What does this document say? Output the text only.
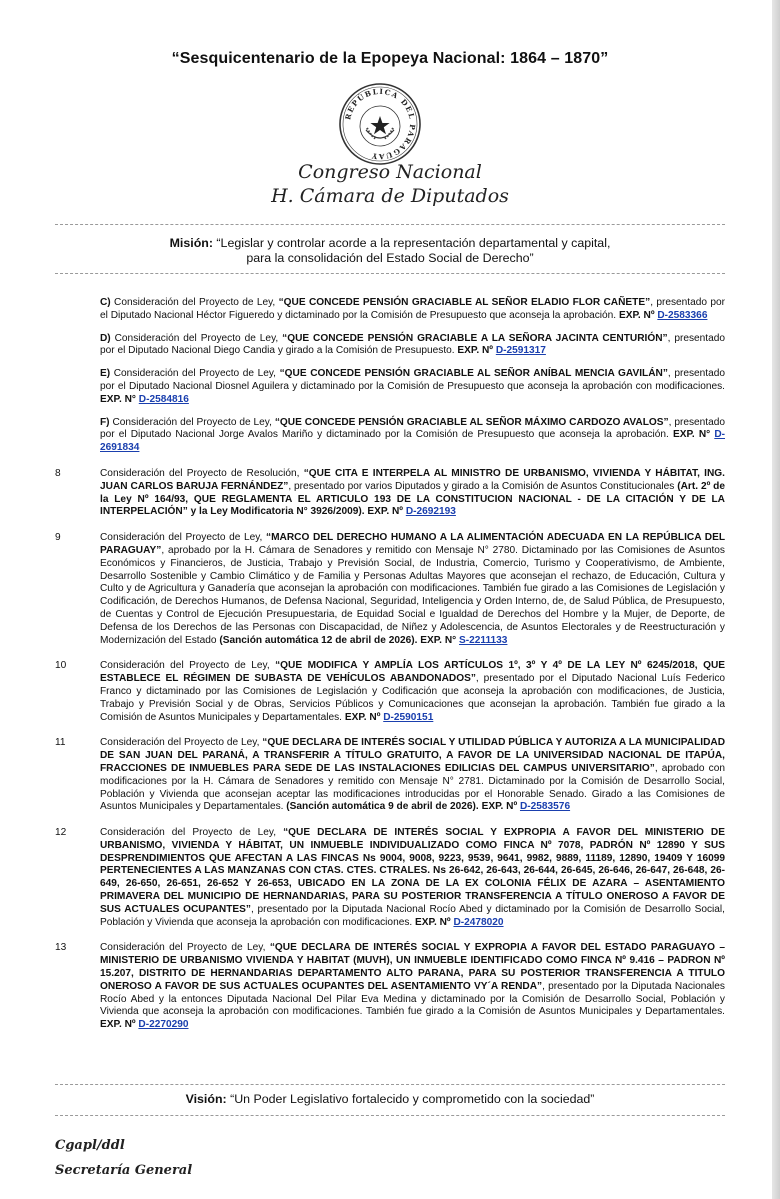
“Sesquicentenario de la Epopeya Nacional: 1864 – 1870”
REPÚBLICA DEL PARAGUAY
Congreso Nacional
H. Cámara de Diputados
Misión: “Legislar y controlar acorde a la representación departamental y capital,
para la consolidación del Estado Social de Derecho”
C) Consideración del Proyecto de Ley, “QUE CONCEDE PENSIÓN GRACIABLE AL SEÑOR ELADIO FLOR CAÑETE”, presentado por el Diputado Nacional Héctor Figueredo y dictaminado por la Comisión de Presupuesto que aconseja la aprobación. EXP. Nº D-2583366
D) Consideración del Proyecto de Ley, “QUE CONCEDE PENSIÓN GRACIABLE A LA SEÑORA JACINTA CENTURIÓN”, presentado por el Diputado Nacional Diego Candia y girado a la Comisión de Presupuesto. EXP. Nº D-2591317
E) Consideración del Proyecto de Ley, “QUE CONCEDE PENSIÓN GRACIABLE AL SEÑOR ANÍBAL MENCIA GAVILÁN”, presentado por el Diputado Nacional Diosnel Aguilera y dictaminado por la Comisión de Presupuesto que aconseja la aprobación con modificaciones. EXP. N° D-2584816
F) Consideración del Proyecto de Ley, “QUE CONCEDE PENSIÓN GRACIABLE AL SEÑOR MÁXIMO CARDOZO AVALOS”, presentado por el Diputado Nacional Jorge Avalos Mariño y dictaminado por la Comisión de Presupuesto que aconseja la aprobación. EXP. N° D-2691834
8	Consideración del Proyecto de Resolución, “QUE CITA E INTERPELA AL MINISTRO DE URBANISMO, VIVIENDA Y HÁBITAT, ING. JUAN CARLOS BARUJA FERNÁNDEZ”, presentado por varios Diputados y girado a la Comisión de Asuntos Constitucionales (Art. 2º de la Ley Nº 164/93, QUE REGLAMENTA EL ARTICULO 193 DE LA CONSTITUCION NACIONAL - DE LA CITACIÓN Y DE LA INTERPELACIÓN” y la Ley Modificatoria N° 3926/2009). EXP. Nº D-2692193
9	Consideración del Proyecto de Ley, “MARCO DEL DERECHO HUMANO A LA ALIMENTACIÓN ADECUADA EN LA REPÚBLICA DEL PARAGUAY”, aprobado por la H. Cámara de Senadores y remitido con Mensaje N° 2780. Dictaminado por las Comisiones de Asuntos Económicos y Financieros, de Justicia, Trabajo y Previsión Social, de Industria, Comercio, Turismo y Cooperativismo, de Ambiente, Desarrollo Sostenible y Cambio Climático y de Familia y Personas Adultas Mayores que aconsejan el rechazo, de Educación, Cultura y Culto y de Agricultura y Ganadería que aconsejan la aprobación con modificaciones. También fue girado a las Comisiones de Legislación y Codificación, de Derechos Humanos, de Defensa Nacional, Seguridad, Inteligencia y Orden Interno, de, de Salud Pública, de Presupuesto, de Cuentas y Control de Ejecución Presupuestaria, de Equidad Social e Igualdad de Derechos del Hombre y la Mujer, de Deporte, de Defensa de los Derechos de las Personas con Discapacidad, de Niñez y Adolescencia, de Asuntos Electorales y de Reestructuración y Modernización del Estado (Sanción automática 12 de abril de 2026). EXP. N° S-2211133
10	Consideración del Proyecto de Ley, “QUE MODIFICA Y AMPLÍA LOS ARTÍCULOS 1º, 3º Y 4º DE LA LEY Nº 6245/2018, QUE ESTABLECE EL RÉGIMEN DE SUBASTA DE VEHÍCULOS ABANDONADOS”, presentado por el Diputado Nacional Luís Federico Franco y dictaminado por las Comisiones de Legislación y Codificación que aconseja la aprobación con modificaciones, de Justicia, Trabajo y Previsión Social y de Obras, Servicios Públicos y Comunicaciones que aconsejan la aprobación. También fue girado a la Comisión de Asuntos Municipales y Departamentales. EXP. Nº D-2590151
11	Consideración del Proyecto de Ley, “QUE DECLARA DE INTERÉS SOCIAL Y UTILIDAD PÚBLICA Y AUTORIZA A LA MUNICIPALIDAD DE SAN JUAN DEL PARANÁ, A TRANSFERIR A TÍTULO GRATUITO, A FAVOR DE LA UNIVERSIDAD NACIONAL DE ITAPÚA, FRACCIONES DE INMUEBLES PARA SEDE DE LAS INSTALACIONES EDILICIAS DEL CAMPUS UNIVERSITARIO”, aprobado con modificaciones por la H. Cámara de Senadores y remitido con Mensaje N° 2781. Dictaminado por la Comisión de Desarrollo Social, Población y Vivienda que aconsejan aceptar las modificaciones introducidas por el Honorable Senado. Girado a las Comisiones de Asuntos Municipales y Departamentales. (Sanción automática 9 de abril de 2026). EXP. Nº D-2583576
12	Consideración del Proyecto de Ley, “QUE DECLARA DE INTERÉS SOCIAL Y EXPROPIA A FAVOR DEL MINISTERIO DE URBANISMO, VIVIENDA Y HÁBITAT, UN INMUEBLE INDIVIDUALIZADO COMO FINCA Nº 7078, PADRÓN Nº 12890 Y SUS DESPRENDIMIENTOS QUE AFECTAN A LAS FINCAS Ns 9004, 9008, 9223, 9539, 9641, 9982, 9889, 11189, 12890, 19409 Y 16099 PERTENECIENTES A LAS MANZANAS CON CTAS. CTES. CTRALES. Ns 26-642, 26-643, 26-644, 26-645, 26-646, 26-647, 26-648, 26-649, 26-650, 26-651, 26-652 Y 26-653, UBICADO EN LA ZONA DE LA EX COLONIA FÉLIX DE AZARA – ASENTAMIENTO PRIMAVERA DEL MUNICIPIO DE HERNANDARIAS, PARA SU POSTERIOR TRANSFERENCIA A TÍTULO ONEROSO A FAVOR DE SUS ACTUALES OCUPANTES”, presentado por la Diputada Nacional Rocío Abed y dictaminado por la Comisión de Desarrollo Social, Población y Vivienda que aconseja la aprobación con modificaciones. EXP. Nº D-2478020
13	Consideración del Proyecto de Ley, “QUE DECLARA DE INTERÉS SOCIAL Y EXPROPIA A FAVOR DEL ESTADO PARAGUAYO – MINISTERIO DE URBANISMO VIVIENDA Y HABITAT (MUVH), UN INMUEBLE IDENTIFICADO COMO FINCA Nº 9.416 – PADRON Nº 15.207, DISTRITO DE HERNANDARIAS DEPARTAMENTO ALTO PARANA, PARA SU POSTERIOR TRANSFERENCIA A TITULO ONEROSO A FAVOR DE SUS ACTUALES OCUPANTES DEL ASENTAMIENTO VY´A RENDA”, presentado por la Diputada Nacionales Rocío Abed y la entonces Diputada Nacional Del Pilar Eva Medina y dictaminado por la Comisión de Desarrollo Social, Población y Vivienda que aconseja la aprobación con modificaciones. También fue girado a la Comisión de Asuntos Municipales y Departamentales. EXP. Nº D-2270290
Visión: “Un Poder Legislativo fortalecido y comprometido con la sociedad”
Cgapl/ddl
Secretaría General
